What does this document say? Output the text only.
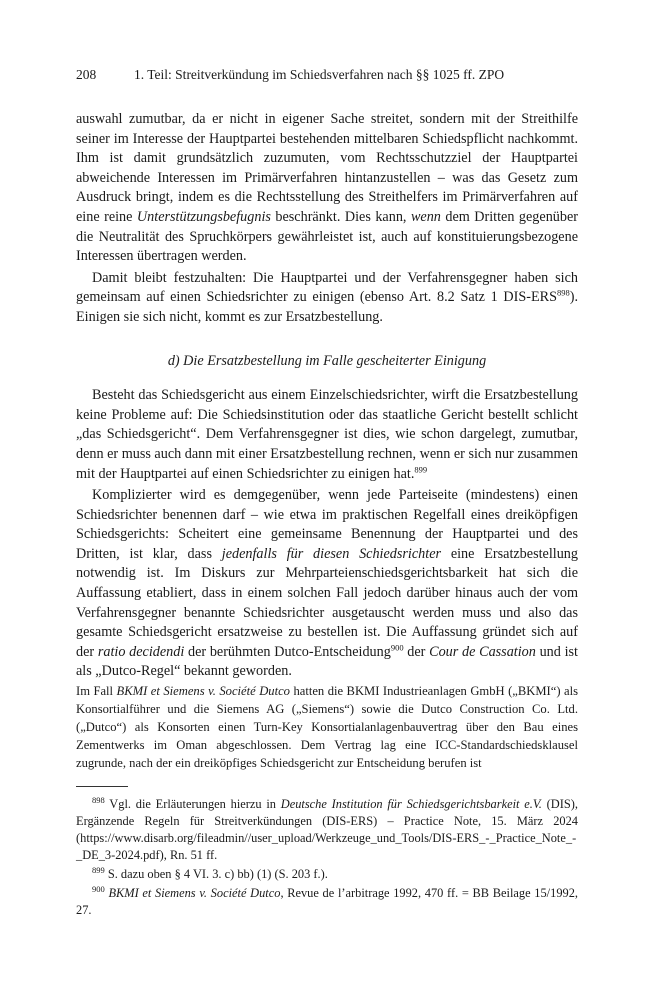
208	1. Teil: Streitverkündung im Schiedsverfahren nach §§ 1025 ff. ZPO

auswahl zumutbar, da er nicht in eigener Sache streitet, sondern mit der Streithilfe seiner im Interesse der Hauptpartei bestehenden mittelbaren Schiedspflicht nachkommt. Ihm ist damit grundsätzlich zuzumuten, vom Rechtsschutzziel der Hauptpartei abweichende Interessen im Primärverfahren hintanzustellen – was das Gesetz zum Ausdruck bringt, indem es die Rechtsstellung des Streithelfers im Primärverfahren auf eine reine Unterstützungsbefugnis beschränkt. Dies kann, wenn dem Dritten gegenüber die Neutralität des Spruchkörpers gewährleistet ist, auch auf konstituierungsbezogene Interessen übertragen werden.

Damit bleibt festzuhalten: Die Hauptpartei und der Verfahrensgegner haben sich gemeinsam auf einen Schiedsrichter zu einigen (ebenso Art. 8.2 Satz 1 DIS-ERS$^{898}$). Einigen sie sich nicht, kommt es zur Ersatzbestellung.

d) Die Ersatzbestellung im Falle gescheiterter Einigung

Besteht das Schiedsgericht aus einem Einzelschiedsrichter, wirft die Ersatzbestellung keine Probleme auf: Die Schiedsinstitution oder das staatliche Gericht bestellt schlicht „das Schiedsgericht“. Dem Verfahrensgegner ist dies, wie schon dargelegt, zumutbar, denn er muss auch dann mit einer Ersatzbestellung rechnen, wenn er sich nur zusammen mit der Hauptpartei auf einen Schiedsrichter zu einigen hat.$^{899}$

Komplizierter wird es demgegenüber, wenn jede Parteiseite (mindestens) einen Schiedsrichter benennen darf – wie etwa im praktischen Regelfall eines dreiköpfigen Schiedsgerichts: Scheitert eine gemeinsame Benennung der Hauptpartei und des Dritten, ist klar, dass jedenfalls für diesen Schiedsrichter eine Ersatzbestellung notwendig ist. Im Diskurs zur Mehrparteienschiedsgerichtsbarkeit hat sich die Auffassung etabliert, dass in einem solchen Fall jedoch darüber hinaus auch der vom Verfahrensgegner benannte Schiedsrichter ausgetauscht werden muss und also das gesamte Schiedsgericht ersatzweise zu bestellen ist. Die Auffassung gründet sich auf der ratio decidendi der berühmten Dutco-Entscheidung$^{900}$ der Cour de Cassation und ist als „Dutco-Regel“ bekannt geworden.

Im Fall BKMI et Siemens v. Société Dutco hatten die BKMI Industrieanlagen GmbH („BKMI“) als Konsortialführer und die Siemens AG („Siemens“) sowie die Dutco Construction Co. Ltd. („Dutco“) als Konsorten einen Turn-Key Konsortialanlagenbauvertrag über den Bau eines Zementwerks im Oman abgeschlossen. Dem Vertrag lag eine ICC-Standardschiedsklausel zugrunde, nach der ein dreiköpfiges Schiedsgericht zur Entscheidung berufen ist

$^{898}$ Vgl. die Erläuterungen hierzu in Deutsche Institution für Schiedsgerichtsbarkeit e.V. (DIS), Ergänzende Regeln für Streitverkündungen (DIS-ERS) – Practice Note, 15. März 2024 (https://www.disarb.org/fileadmin//user_upload/Werkzeuge_und_Tools/DIS-ERS_-_Practice_Note_-_DE_3-2024.pdf), Rn. 51 ff.

$^{899}$ S. dazu oben § 4 VI. 3. c) bb) (1) (S. 203 f.).

$^{900}$ BKMI et Siemens v. Société Dutco, Revue de l’arbitrage 1992, 470 ff. = BB Beilage 15/1992, 27.
